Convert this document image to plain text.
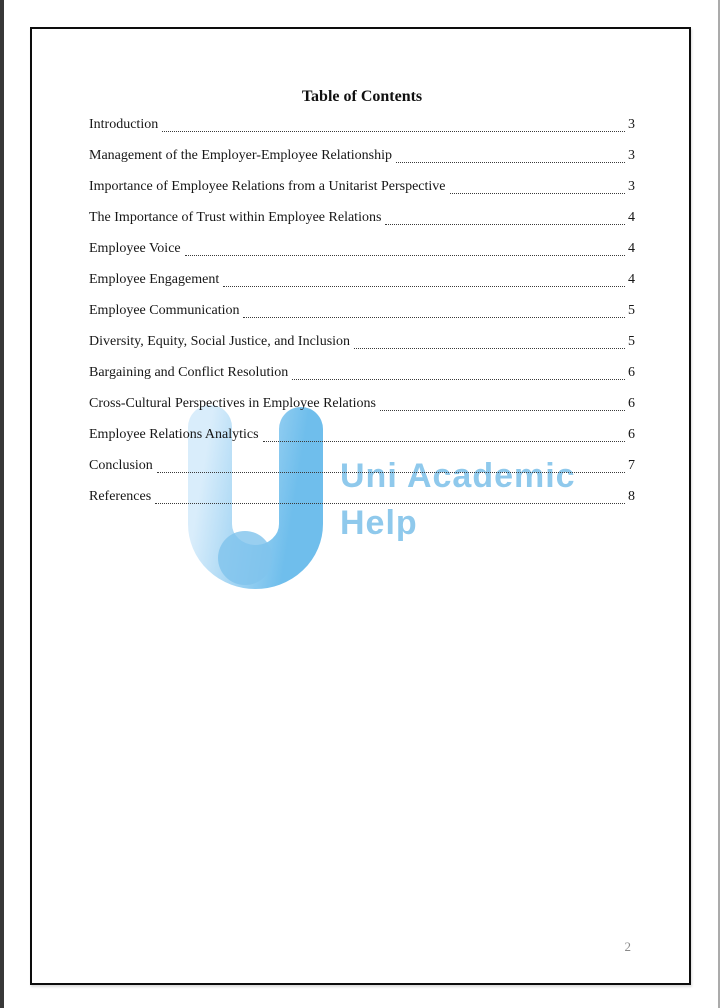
Uni Academic
Help
Table of Contents
Introduction	3
Management of the Employer-Employee Relationship	3
Importance of Employee Relations from a Unitarist Perspective	3
The Importance of Trust within Employee Relations	4
Employee Voice	4
Employee Engagement	4
Employee Communication	5
Diversity, Equity, Social Justice, and Inclusion	5
Bargaining and Conflict Resolution	6
Cross-Cultural Perspectives in Employee Relations	6
Employee Relations Analytics	6
Conclusion	7
References	8
2
